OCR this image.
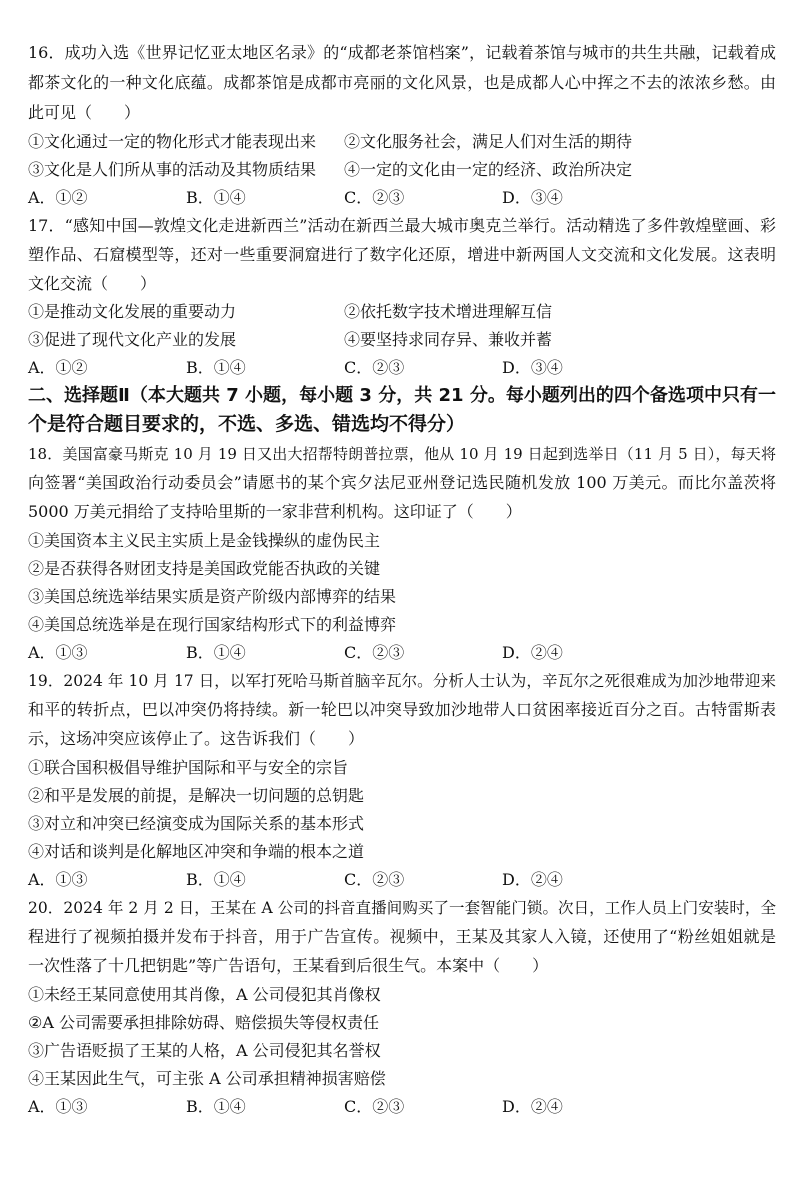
16．成功入选《世界记忆亚太地区名录》的“成都老茶馆档案”，记载着茶馆与城市的共生共融，记载着成
都茶文化的一种文化底蕴。成都茶馆是成都市亮丽的文化风景，也是成都人心中挥之不去的浓浓乡愁。由
此可见（　　）
①文化通过一定的物化形式才能表现出来 ②文化服务社会，满足人们对生活的期待
③文化是人们所从事的活动及其物质结果 ④一定的文化由一定的经济、政治所决定
A．①②	B．①④	C．②③	D．③④
17．“感知中国—敦煌文化走进新西兰”活动在新西兰最大城市奥克兰举行。活动精选了多件敦煌壁画、彩
塑作品、石窟模型等，还对一些重要洞窟进行了数字化还原，增进中新两国人文交流和文化发展。这表明
文化交流（　　）
①是推动文化发展的重要动力	②依托数字技术增进理解互信
③促进了现代文化产业的发展	④要坚持求同存异、兼收并蓄
A．①②	B．①④	C．②③	D．③④
二、选择题Ⅱ（本大题共 7 小题，每小题 3 分，共 21 分。每小题列出的四个备选项中只有一
个是符合题目要求的，不选、多选、错选均不得分）
18．美国富豪马斯克 10 月 19 日又出大招帮特朗普拉票，他从 10 月 19 日起到选举日（11 月 5 日），每天将
向签署“美国政治行动委员会”请愿书的某个宾夕法尼亚州登记选民随机发放 100 万美元。而比尔盖茨将
5000 万美元捐给了支持哈里斯的一家非营利机构。这印证了（　　）
①美国资本主义民主实质上是金钱操纵的虚伪民主
②是否获得各财团支持是美国政党能否执政的关键
③美国总统选举结果实质是资产阶级内部博弈的结果
④美国总统选举是在现行国家结构形式下的利益博弈
A．①③	B．①④	C．②③	D．②④
19．2024 年 10 月 17 日，以军打死哈马斯首脑辛瓦尔。分析人士认为，辛瓦尔之死很难成为加沙地带迎来
和平的转折点，巴以冲突仍将持续。新一轮巴以冲突导致加沙地带人口贫困率接近百分之百。古特雷斯表
示，这场冲突应该停止了。这告诉我们（　　）
①联合国积极倡导维护国际和平与安全的宗旨
②和平是发展的前提，是解决一切问题的总钥匙
③对立和冲突已经演变成为国际关系的基本形式
④对话和谈判是化解地区冲突和争端的根本之道
A．①③	B．①④	C．②③	D．②④
20．2024 年 2 月 2 日，王某在 A 公司的抖音直播间购买了一套智能门锁。次日，工作人员上门安装时，全
程进行了视频拍摄并发布于抖音，用于广告宣传。视频中，王某及其家人入镜，还使用了“粉丝姐姐就是
一次性落了十几把钥匙”等广告语句，王某看到后很生气。本案中（　　）
①未经王某同意使用其肖像，A 公司侵犯其肖像权
②A 公司需要承担排除妨碍、赔偿损失等侵权责任
③广告语贬损了王某的人格，A 公司侵犯其名誉权
④王某因此生气，可主张 A 公司承担精神损害赔偿
A．①③	B．①④	C．②③	D．②④
